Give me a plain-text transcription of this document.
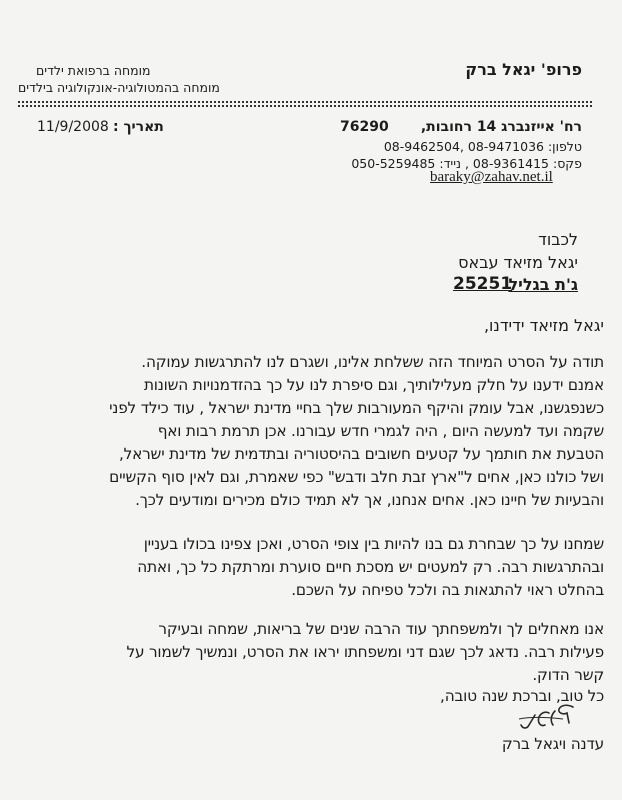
פרופ' יגאל ברק
מומחה ברפואת ילדים
מומחה בהמטולוגיה-אונקולוגיה בילדים
רח' אייזנברג 14 רחובות,
76290
תאריך :
11/9/2008
טלפון: 08-9471036 ,08-9462504
פקס: 08-9361415 , נייד: 050-5259485
baraky@zahav.net.il
לכבוד
יגאל מזיאד עבאס
ג'ת בגליל
25251
יגאל מזיאד ידידנו,
תודה על הסרט המיוחד הזה ששלחת אלינו, ושגרם לנו להתרגשות עמוקה.
אמנם ידענו על חלק מעלילותיך, וגם סיפרת לנו על כך בהזדמנויות השונות
כשנפגשנו, אבל עומק והיקף המעורבות שלך בחיי מדינת ישראל , עוד כילד לפני
שקמה ועד למעשה היום , היה לגמרי חדש עבורנו. אכן תרמת רבות ואף
הטבעת את חותמך על קטעים חשובים בהיסטוריה ובתדמית של מדינת ישראל,
ושל כולנו כאן, אחים ל"ארץ זבת חלב ודבש" כפי שאמרת, וגם לאין סוף הקשיים
והבעיות של חיינו כאן. אחים אנחנו, אך לא תמיד כולם מכירים ומודעים לכך.
שמחנו על כך שבחרת גם בנו להיות בין צופי הסרט, ואכן צפינו בכולו בעניין
ובהתרגשות רבה. רק למעטים יש מסכת חיים סוערת ומרתקת כל כך, ואתה
בהחלט ראוי להתגאות בה ולכל טפיחה על השכם.
אנו מאחלים לך ולמשפחתך עוד הרבה שנים של בריאות, שמחה ובעיקר
פעילות רבה. נדאג לכך שגם דני ומשפחתו יראו את הסרט, ונמשיך לשמור על
קשר הדוק.
כל טוב, וברכת שנה טובה,
עדנה ויגאל ברק
